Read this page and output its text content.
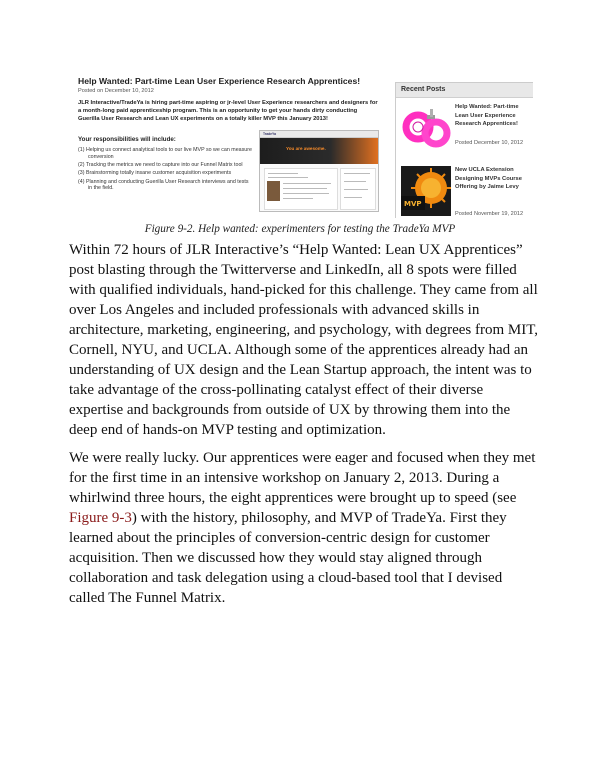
Help Wanted: Part-time Lean User Experience Research Apprentices!
Posted on December 10, 2012
JLR Interactive/TradeYa is hiring part-time aspiring or jr-level User Experience researchers and designers for a month-long paid apprenticeship program. This is an opportunity to get your hands dirty conducting Guerilla User Research and Lean UX experiments on a totally killer MVP this January 2013!
Your responsibilities will include:
(1) Helping us connect analytical tools to our live MVP so we can measure conversion
(2) Tracking the metrics we need to capture into our Funnel Matrix tool
(3) Brainstorming totally insane customer acquisition experiments
(4) Planning and conducting Guerilla User Research interviews and tests in the field.
TradeYa
You are awesome.
Recent Posts
Help Wanted: Part-time Lean User Experience Research Apprentices!
Posted December 10, 2012
MVP
New UCLA Extension Designing MVPs Course Offering by Jaime Levy
Posted November 19, 2012
Figure 9-2. Help wanted: experimenters for testing the TradeYa MVP

Within 72 hours of JLR Interactive’s “Help Wanted: Lean UX Apprentices” post blasting through the Twitterverse and LinkedIn, all 8 spots were filled with qualified individuals, hand-picked for this challenge. They came from all over Los Angeles and included professionals with advanced skills in architecture, marketing, engineering, and psychology, with degrees from MIT, Cornell, NYU, and UCLA. Although some of the apprentices already had an understanding of UX design and the Lean Startup approach, the intent was to take advantage of the cross-pollinating catalyst effect of their diverse expertise and backgrounds from outside of UX by throwing them into the deep end of hands-on MVP testing and optimization.

We were really lucky. Our apprentices were eager and focused when they met for the first time in an intensive workshop on January 2, 2013. During a whirlwind three hours, the eight apprentices were brought up to speed (see Figure 9-3) with the history, philosophy, and MVP of TradeYa. First they learned about the principles of conversion-centric design for customer acquisition. Then we discussed how they would stay aligned through collaboration and task delegation using a cloud-based tool that I devised called The Funnel Matrix.
